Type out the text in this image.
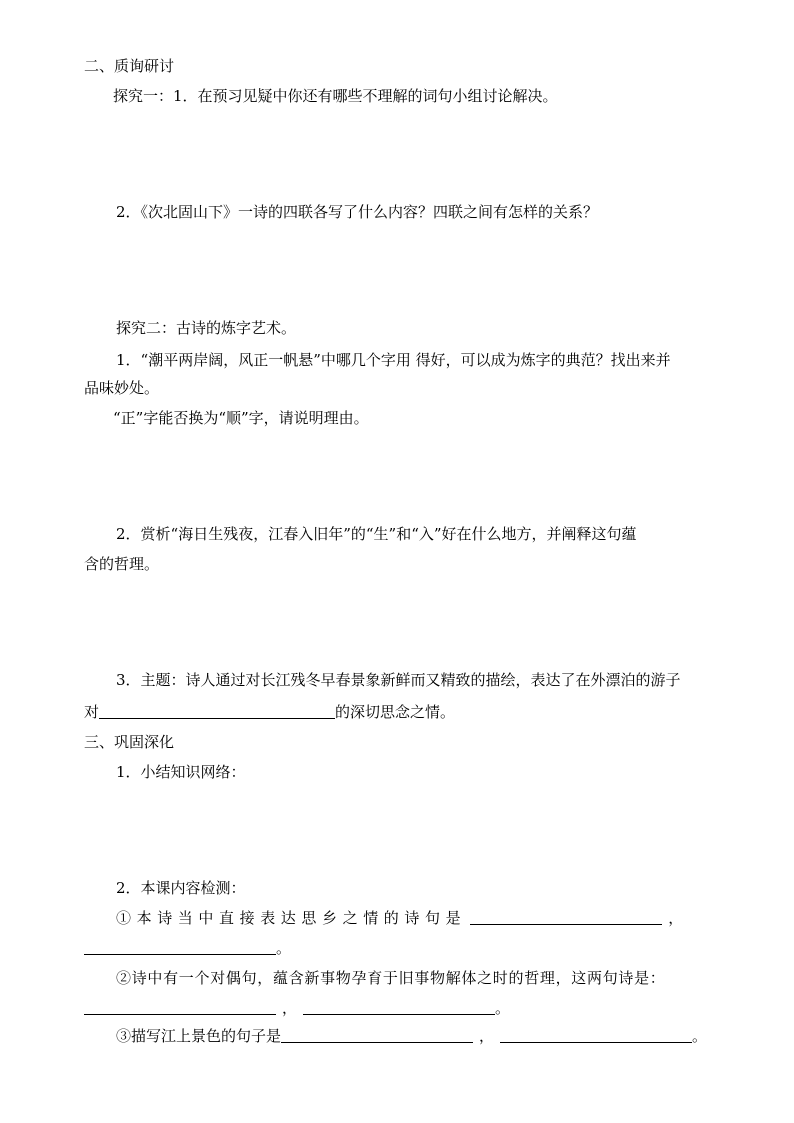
二、质询研讨
探究一：1．在预习见疑中你还有哪些不理解的词句小组讨论解决。
2．《次北固山下》一诗的四联各写了什么内容？四联之间有怎样的关系？
探究二：古诗的炼字艺术。
1．“潮平两岸阔，风正一帆悬”中哪几个字用 得好，可以成为炼字的典范？找出来并
品味妙处。
“正”字能否换为“顺”字，请说明理由。
2．赏析“海日生残夜，江春入旧年”的“生”和“入”好在什么地方，并阐释这句蕴
含的哲理。
3．主题：诗人通过对长江残冬早春景象新鲜而又精致的描绘，表达了在外漂泊的游子
对	的深切思念之情。
三、巩固深化
1．小结知识网络：
2．本课内容检测：
①本诗当中直接表达思乡之情的诗句是	，
。
②诗中有一个对偶句，蕴含新事物孕育于旧事物解体之时的哲理，这两句诗是：
，	。
③描写江上景色的句子是	，	。
